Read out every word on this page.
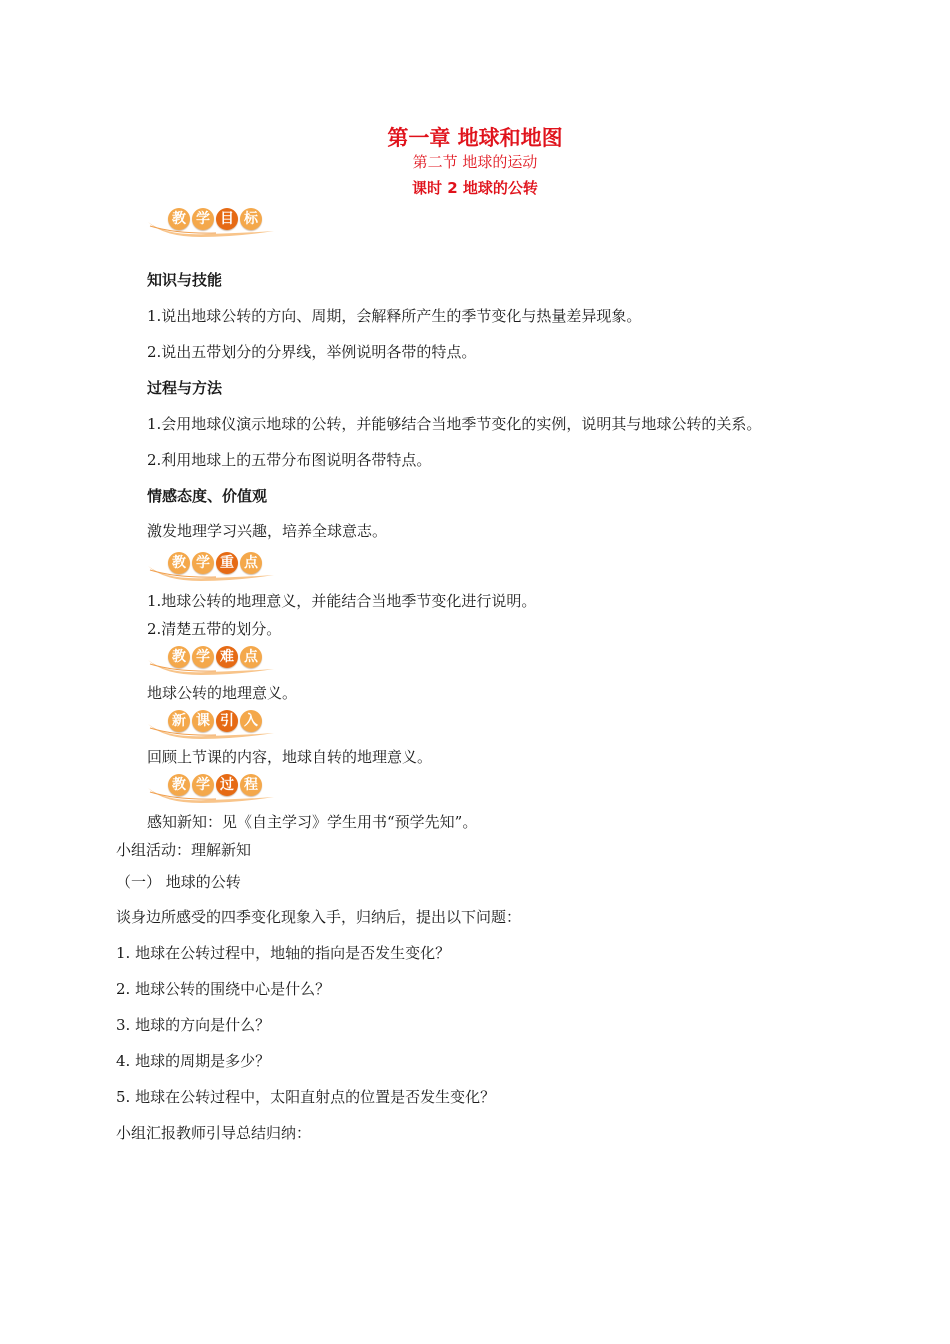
第一章 地球和地图
第二节 地球的运动
课时 2 地球的公转
教 学 目 标
知识与技能
1.说出地球公转的方向、周期，会解释所产生的季节变化与热量差异现象。
2.说出五带划分的分界线，举例说明各带的特点。
过程与方法
1.会用地球仪演示地球的公转，并能够结合当地季节变化的实例，说明其与地球公转的关系。
2.利用地球上的五带分布图说明各带特点。
情感态度、价值观
激发地理学习兴趣，培养全球意志。
教 学 重 点
1.地球公转的地理意义，并能结合当地季节变化进行说明。
2.清楚五带的划分。
教 学 难 点
地球公转的地理意义。
新 课 引 入
回顾上节课的内容，地球自转的地理意义。
教 学 过 程
感知新知：见《自主学习》学生用书“预学先知”。
小组活动：理解新知
（一） 地球的公转
谈身边所感受的四季变化现象入手，归纳后，提出以下问题：
1. 地球在公转过程中，地轴的指向是否发生变化？
2. 地球公转的围绕中心是什么？
3. 地球的方向是什么？
4. 地球的周期是多少？
5. 地球在公转过程中，太阳直射点的位置是否发生变化？
小组汇报教师引导总结归纳：
